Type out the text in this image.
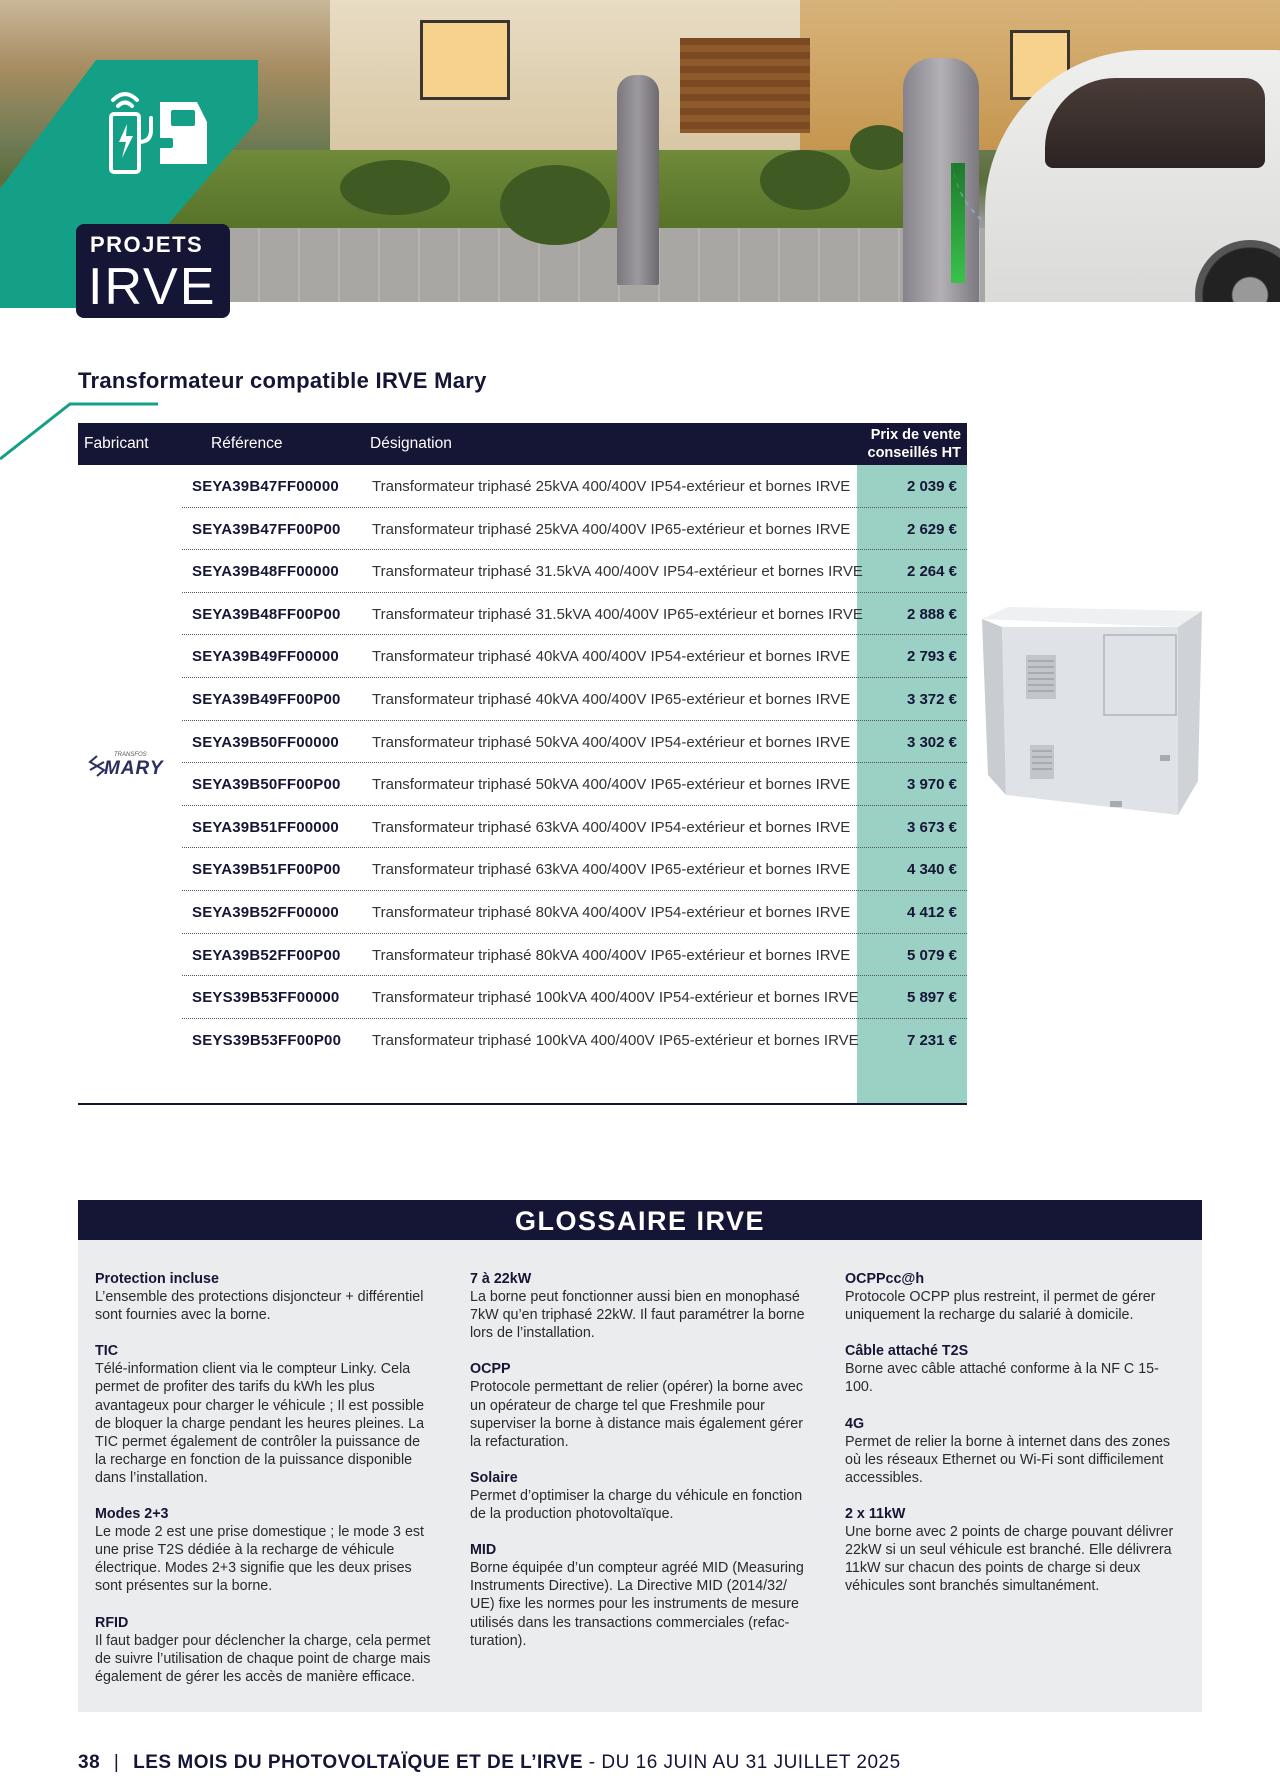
PROJETS
IRVE
Transformateur compatible IRVE Mary
Fabricant	Référence	Désignation	Prix de vente conseillés HT
TRANSFOS
MARY
SEYA39B47FF00000 Transformateur triphasé 25kVA 400/400V IP54-extérieur et bornes IRVE	2 039 €
SEYA39B47FF00P00 Transformateur triphasé 25kVA 400/400V IP65-extérieur et bornes IRVE	2 629 €
SEYA39B48FF00000 Transformateur triphasé 31.5kVA 400/400V IP54-extérieur et bornes IRVE	2 264 €
SEYA39B48FF00P00 Transformateur triphasé 31.5kVA 400/400V IP65-extérieur et bornes IRVE	2 888 €
SEYA39B49FF00000 Transformateur triphasé 40kVA 400/400V IP54-extérieur et bornes IRVE	2 793 €
SEYA39B49FF00P00 Transformateur triphasé 40kVA 400/400V IP65-extérieur et bornes IRVE	3 372 €
SEYA39B50FF00000 Transformateur triphasé 50kVA 400/400V IP54-extérieur et bornes IRVE	3 302 €
SEYA39B50FF00P00 Transformateur triphasé 50kVA 400/400V IP65-extérieur et bornes IRVE	3 970 €
SEYA39B51FF00000 Transformateur triphasé 63kVA 400/400V IP54-extérieur et bornes IRVE	3 673 €
SEYA39B51FF00P00 Transformateur triphasé 63kVA 400/400V IP65-extérieur et bornes IRVE	4 340 €
SEYA39B52FF00000 Transformateur triphasé 80kVA 400/400V IP54-extérieur et bornes IRVE	4 412 €
SEYA39B52FF00P00 Transformateur triphasé 80kVA 400/400V IP65-extérieur et bornes IRVE	5 079 €
SEYS39B53FF00000 Transformateur triphasé 100kVA 400/400V IP54-extérieur et bornes IRVE	5 897 €
SEYS39B53FF00P00 Transformateur triphasé 100kVA 400/400V IP65-extérieur et bornes IRVE	7 231 €
GLOSSAIRE IRVE
Protection incluse
L’ensemble des protections disjoncteur + différentiel sont fournies avec la borne.
TIC
Télé-information client via le compteur Linky. Cela permet de profiter des tarifs du kWh les plus avantageux pour charger le véhicule ; Il est possible de bloquer la charge pendant les heures pleines. La TIC permet également de contrôler la puissance de la recharge en fonction de la puissance disponible dans l’installation.
Modes 2+3
Le mode 2 est une prise domestique ; le mode 3 est une prise T2S dédiée à la recharge de véhicule électrique. Modes 2+3 signifie que les deux prises sont présentes sur la borne.
RFID
Il faut badger pour déclencher la charge, cela permet de suivre l’utilisation de chaque point de charge mais également de gérer les accès de manière efficace.
7 à 22kW
La borne peut fonctionner aussi bien en monophasé 7kW qu’en triphasé 22kW. Il faut paramétrer la borne lors de l’installation.
OCPP
Protocole permettant de relier (opérer) la borne avec un opérateur de charge tel que Freshmile pour superviser la borne à distance mais également gérer la refacturation.
Solaire
Permet d’optimiser la charge du véhicule en fonction de la production photovoltaïque.
MID
Borne équipée d’un compteur agréé MID (Measuring Instruments Directive). La Directive MID (2014/32/ UE) fixe les normes pour les instruments de mesure utilisés dans les transactions commerciales (refac- turation).
OCPPcc@h
Protocole OCPP plus restreint, il permet de gérer uniquement la recharge du salarié à domicile.
Câble attaché T2S
Borne avec câble attaché conforme à la NF C 15-100.
4G
Permet de relier la borne à internet dans des zones où les réseaux Ethernet ou Wi-Fi sont difficilement accessibles.
2 x 11kW
Une borne avec 2 points de charge pouvant délivrer 22kW si un seul véhicule est branché. Elle délivrera 11kW sur chacun des points de charge si deux véhicules sont branchés simultanément.
38 | LES MOIS DU PHOTOVOLTAÏQUE ET DE L’IRVE - DU 16 JUIN AU 31 JUILLET 2025
